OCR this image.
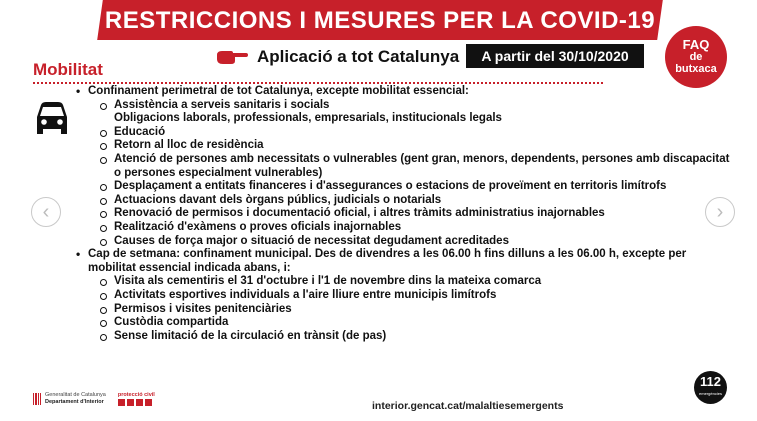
RESTRICCIONS I MESURES PER LA COVID-19
FAQ
de
butxaca
Aplicació a tot Catalunya	A partir del 30/10/2020
Mobilitat
‹	›
• Confinament perimetral de tot Catalunya, excepte mobilitat essencial:
Assistència a serveis sanitaris i socials
Obligacions laborals, professionals, empresarials, institucionals legals
Educació
Retorn al lloc de residència
Atenció de persones amb necessitats o vulnerables (gent gran, menors, dependents, persones amb discapacitat o persones especialment vulnerables)
Desplaçament a entitats financeres i d'assegurances o estacions de proveïment en territoris limítrofs
Actuacions davant dels òrgans públics, judicials o notarials
Renovació de permisos i documentació oficial, i altres tràmits administratius inajornables
Realització d'exàmens o proves oficials inajornables
Causes de força major o situació de necessitat degudament acreditades
• Cap de setmana: confinament municipal. Des de divendres a les 06.00 h fins dilluns a les 06.00 h, excepte per mobilitat essencial indicada abans, i:
Visita als cementiris el 31 d'octubre i l'1 de novembre dins la mateixa comarca
Activitats esportives individuals a l'aire lliure entre municipis limítrofs
Permisos i visites penitenciàries
Custòdia compartida
Sense limitació de la circulació en trànsit (de pas)
112
emergències
Generalitat de Catalunya
Departament d'Interior
protecció civil
interior.gencat.cat/malaltiesemergents
